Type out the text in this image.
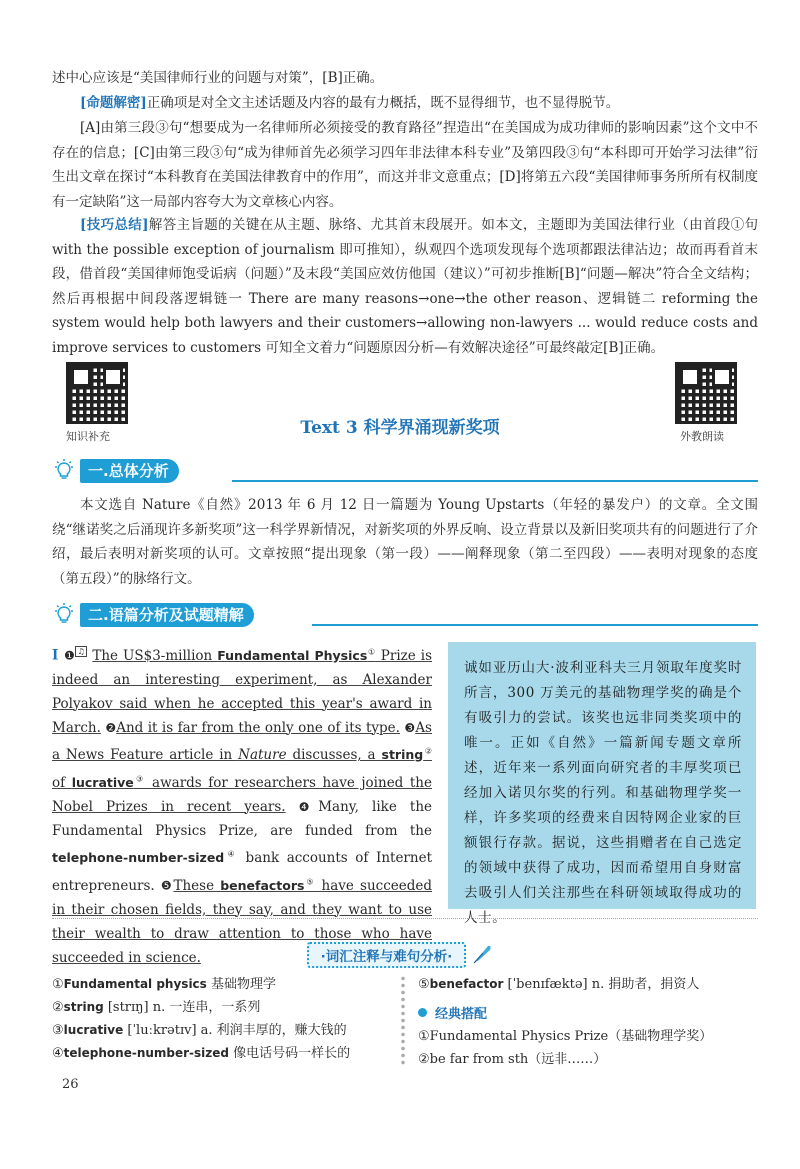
述中心应该是“美国律师行业的问题与对策”，[B]正确。
[命题解密]正确项是对全文主述话题及内容的最有力概括，既不显得细节，也不显得脱节。
[A]由第三段③句“想要成为一名律师所必须接受的教育路径”捏造出“在美国成为成功律师的影响因素”这个文中不存在的信息；[C]由第三段③句“成为律师首先必须学习四年非法律本科专业”及第四段③句“本科即可开始学习法律”衍生出文章在探讨“本科教育在美国法律教育中的作用”，而这并非文意重点；[D]将第五六段“美国律师事务所所有权制度有一定缺陷”这一局部内容夸大为文章核心内容。
[技巧总结]解答主旨题的关键在从主题、脉络、尤其首末段展开。如本文，主题即为美国法律行业（由首段①句 with the possible exception of journalism 即可推知），纵观四个选项发现每个选项都跟法律沾边；故而再看首末段，借首段“美国律师饱受诟病（问题）”及末段“美国应效仿他国（建议）”可初步推断[B]“问题—解决”符合全文结构；然后再根据中间段落逻辑链一 There are many reasons→one→the other reason、逻辑链二 reforming the system would help both lawyers and their customers→allowing non-lawyers ... would reduce costs and improve services to customers 可知全文着力“问题原因分析—有效解决途径”可最终敲定[B]正确。
知识补充	外教朗读
Text 3 科学界涌现新奖项
一.总体分析
本文选自 Nature《自然》2013 年 6 月 12 日一篇题为 Young Upstarts（年轻的暴发户）的文章。全文围绕“继诺奖之后涌现许多新奖项”这一科学界新情况，对新奖项的外界反响、设立背景以及新旧奖项共有的问题进行了介绍，最后表明对新奖项的认可。文章按照“提出现象（第一段）——阐释现象（第二至四段）——表明对现象的态度（第五段）”的脉络行文。
二.语篇分析及试题精解
Ⅰ ❶ ♫ The US$3-million Fundamental Physics① Prize is indeed an interesting experiment, as Alexander Polyakov said when he accepted this year's award in March. ❷And it is far from the only one of its type. ❸As a News Feature article in Nature discusses, a string② of lucrative③ awards for researchers have joined the Nobel Prizes in recent years. ❹Many, like the Fundamental Physics Prize, are funded from the telephone-number-sized④ bank accounts of Internet entrepreneurs. ❺These benefactors⑤ have succeeded in their chosen fields, they say, and they want to use their wealth to draw attention to those who have succeeded in science.
诚如亚历山大·波利亚科夫三月领取年度奖时所言，300 万美元的基础物理学奖的确是个有吸引力的尝试。该奖也远非同类奖项中的唯一。正如《自然》一篇新闻专题文章所述，近年来一系列面向研究者的丰厚奖项已经加入诺贝尔奖的行列。和基础物理学奖一样，许多奖项的经费来自因特网企业家的巨额银行存款。据说，这些捐赠者在自己选定的领域中获得了成功，因而希望用自身财富去吸引人们关注那些在科研领域取得成功的人士。
·词汇注释与难句分析·
①Fundamental physics 基础物理学
②string [strɪŋ] n. 一连串，一系列
③lucrative [ˈluːkrətɪv] a. 利润丰厚的，赚大钱的
④telephone-number-sized 像电话号码一样长的
⑤benefactor [ˈbenɪfæktə] n. 捐助者，捐资人
经典搭配
①Fundamental Physics Prize（基础物理学奖）
②be far from sth（远非……）
26
